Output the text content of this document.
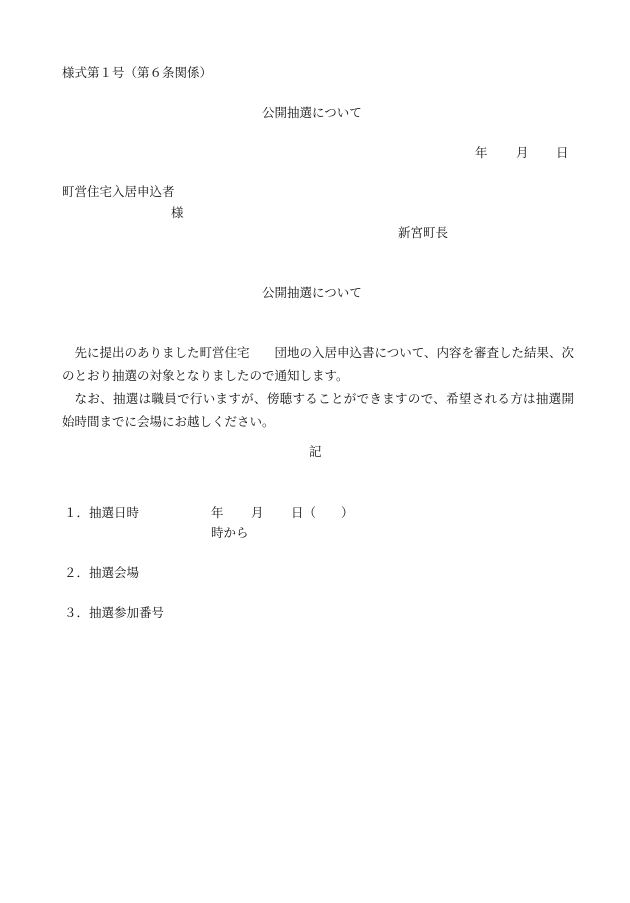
様式第１号（第６条関係）
公開抽選について
年 月 日
町営住宅入居申込者
様
新宮町長
公開抽選について

先に提出のありました町営住宅　　団地の入居申込書について、内容を審査した結果、次のとおり抽選の対象となりましたので通知します。

なお、抽選は職員で行いますが、傍聴することができますので、希望される方は抽選開始時間までに会場にお越しください。

記
１．抽選日時	年 月 日（　　）
時から
２．抽選会場
３．抽選参加番号
